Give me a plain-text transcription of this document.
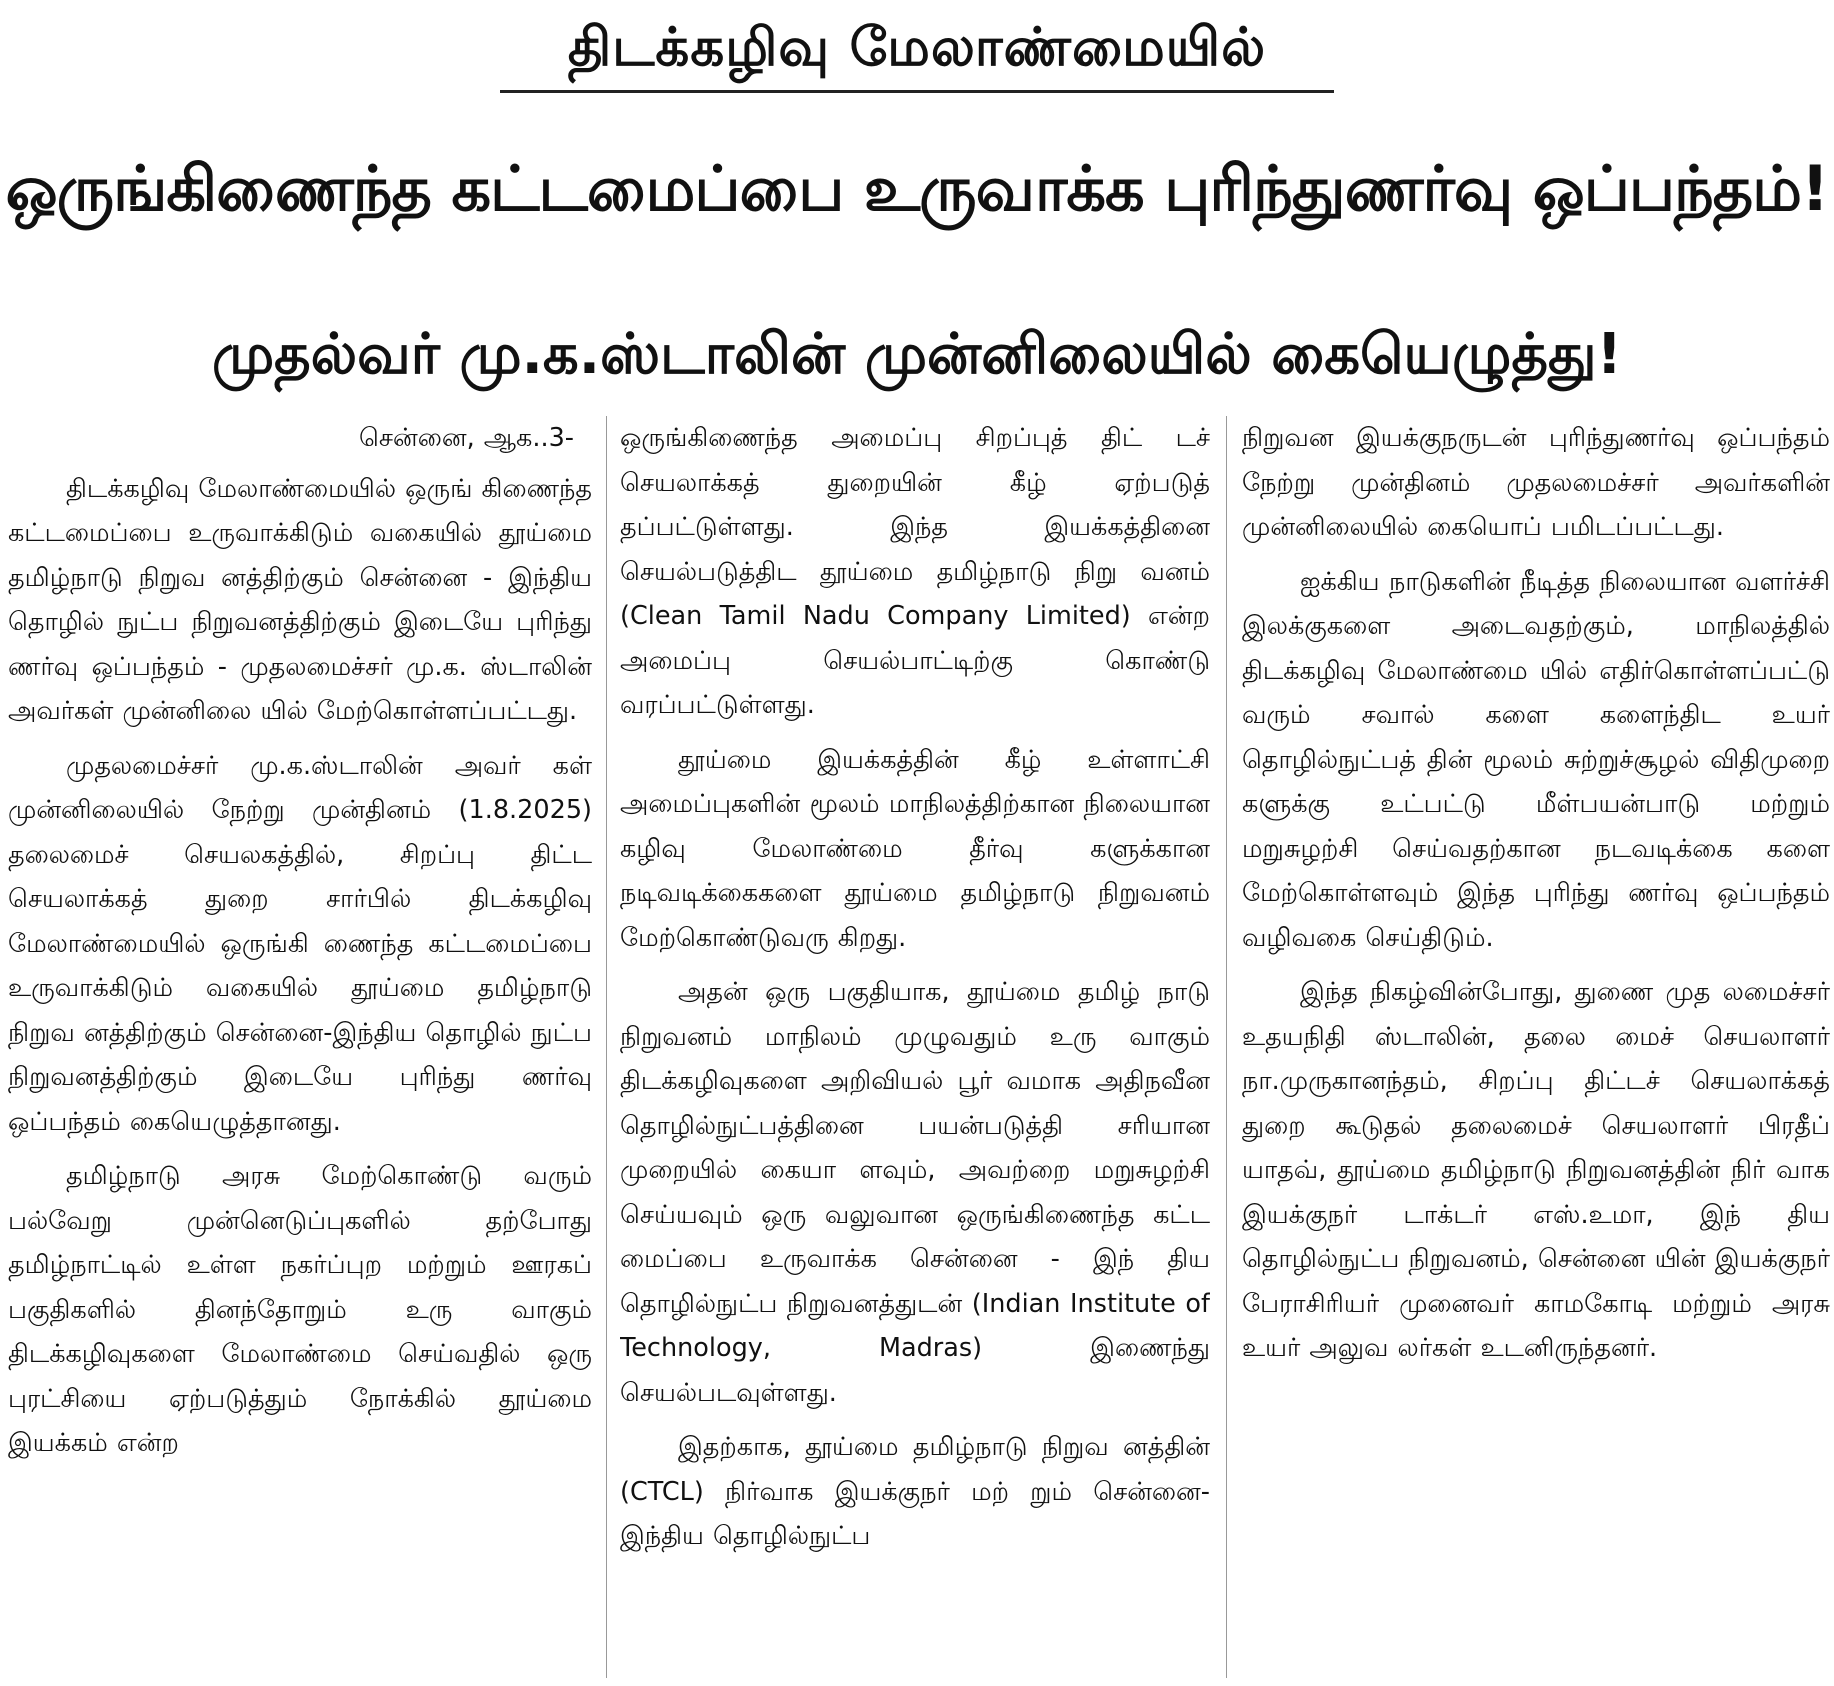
திடக்கழிவு மேலாண்மையில்
ஒருங்கிணைந்த கட்டமைப்பை உருவாக்க புரிந்துணர்வு ஒப்பந்தம்!
முதல்வர் மு.க.ஸ்டாலின் முன்னிலையில் கையெழுத்து!
சென்னை, ஆக..3-

திடக்கழிவு மேலாண்மையில் ஒருங் கிணைந்த கட்டமைப்பை உருவாக்கிடும் வகையில் தூய்மை தமிழ்நாடு நிறுவ னத்திற்கும் சென்னை - இந்திய தொழில் நுட்ப நிறுவனத்திற்கும் இடையே புரிந்து ணர்வு ஒப்பந்தம் - முதலமைச்சர் மு.க. ஸ்டாலின் அவர்கள் முன்னிலை யில் மேற்கொள்ளப்பட்டது.

முதலமைச்சர் மு.க.ஸ்டாலின் அவர் கள் முன்னிலையில் நேற்று முன்தினம் (1.8.2025) தலைமைச் செயலகத்தில், சிறப்பு திட்ட செயலாக்கத் துறை சார்பில் திடக்கழிவு மேலாண்மையில் ஒருங்கி ணைந்த கட்டமைப்பை உருவாக்கிடும் வகையில் தூய்மை தமிழ்நாடு நிறுவ னத்திற்கும் சென்னை-இந்திய தொழில் நுட்ப நிறுவனத்திற்கும் இடையே புரிந்து ணர்வு ஒப்பந்தம் கையெழுத்தானது.

தமிழ்நாடு அரசு மேற்கொண்டு வரும் பல்வேறு முன்னெடுப்புகளில் தற்போது தமிழ்நாட்டில் உள்ள நகர்ப்புற மற்றும் ஊரகப் பகுதிகளில் தினந்தோறும் உரு வாகும் திடக்கழிவுகளை மேலாண்மை செய்வதில் ஒரு புரட்சியை ஏற்படுத்தும் நோக்கில் தூய்மை இயக்கம் என்ற

ஒருங்கிணைந்த அமைப்பு சிறப்புத் திட் டச் செயலாக்கத் துறையின் கீழ் ஏற்படுத் தப்பட்டுள்ளது. இந்த இயக்கத்தினை செயல்படுத்திட தூய்மை தமிழ்நாடு நிறு வனம் (Clean Tamil Nadu Company Limited) என்ற அமைப்பு செயல்பாட்டிற்கு கொண்டு வரப்பட்டுள்ளது.

தூய்மை இயக்கத்தின் கீழ் உள்ளாட்சி அமைப்புகளின் மூலம் மாநிலத்திற்கான நிலையான கழிவு மேலாண்மை தீர்வு களுக்கான நடிவடிக்கைகளை தூய்மை தமிழ்நாடு நிறுவனம் மேற்கொண்டுவரு கிறது.

அதன் ஒரு பகுதியாக, தூய்மை தமிழ் நாடு நிறுவனம் மாநிலம் முழுவதும் உரு வாகும் திடக்கழிவுகளை அறிவியல் பூர் வமாக அதிநவீன தொழில்நுட்பத்தினை பயன்படுத்தி சரியான முறையில் கையா ளவும், அவற்றை மறுசுழற்சி செய்யவும் ஒரு வலுவான ஒருங்கிணைந்த கட்ட மைப்பை உருவாக்க சென்னை - இந் திய தொழில்நுட்ப நிறுவனத்துடன் (Indian Institute of Technology, Madras) இணைந்து செயல்படவுள்ளது.

இதற்காக, தூய்மை தமிழ்நாடு நிறுவ னத்தின் (CTCL) நிர்வாக இயக்குநர் மற் றும் சென்னை-இந்திய தொழில்நுட்ப

நிறுவன இயக்குநருடன் புரிந்துணர்வு ஒப்பந்தம் நேற்று முன்தினம் முதலமைச்சர் அவர்களின் முன்னிலையில் கையொப் பமிடப்பட்டது.

ஐக்கிய நாடுகளின் நீடித்த நிலையான வளர்ச்சி இலக்குகளை அடைவதற்கும், மாநிலத்தில் திடக்கழிவு மேலாண்மை யில் எதிர்கொள்ளப்பட்டு வரும் சவால் களை களைந்திட உயர் தொழில்நுட்பத் தின் மூலம் சுற்றுச்சூழல் விதிமுறை களுக்கு உட்பட்டு மீள்பயன்பாடு மற்றும் மறுசுழற்சி செய்வதற்கான நடவடிக்கை களை மேற்கொள்ளவும் இந்த புரிந்து ணர்வு ஒப்பந்தம் வழிவகை செய்திடும்.

இந்த நிகழ்வின்போது, துணை முத லமைச்சர் உதயநிதி ஸ்டாலின், தலை மைச் செயலாளர் நா.முருகானந்தம், சிறப்பு திட்டச் செயலாக்கத் துறை கூடுதல் தலைமைச் செயலாளர் பிரதீப் யாதவ், தூய்மை தமிழ்நாடு நிறுவனத்தின் நிர் வாக இயக்குநர் டாக்டர் எஸ்.உமா, இந் திய தொழில்நுட்ப நிறுவனம், சென்னை யின் இயக்குநர் பேராசிரியர் முனைவர் காமகோடி மற்றும் அரசு உயர் அலுவ லர்கள் உடனிருந்தனர்.
